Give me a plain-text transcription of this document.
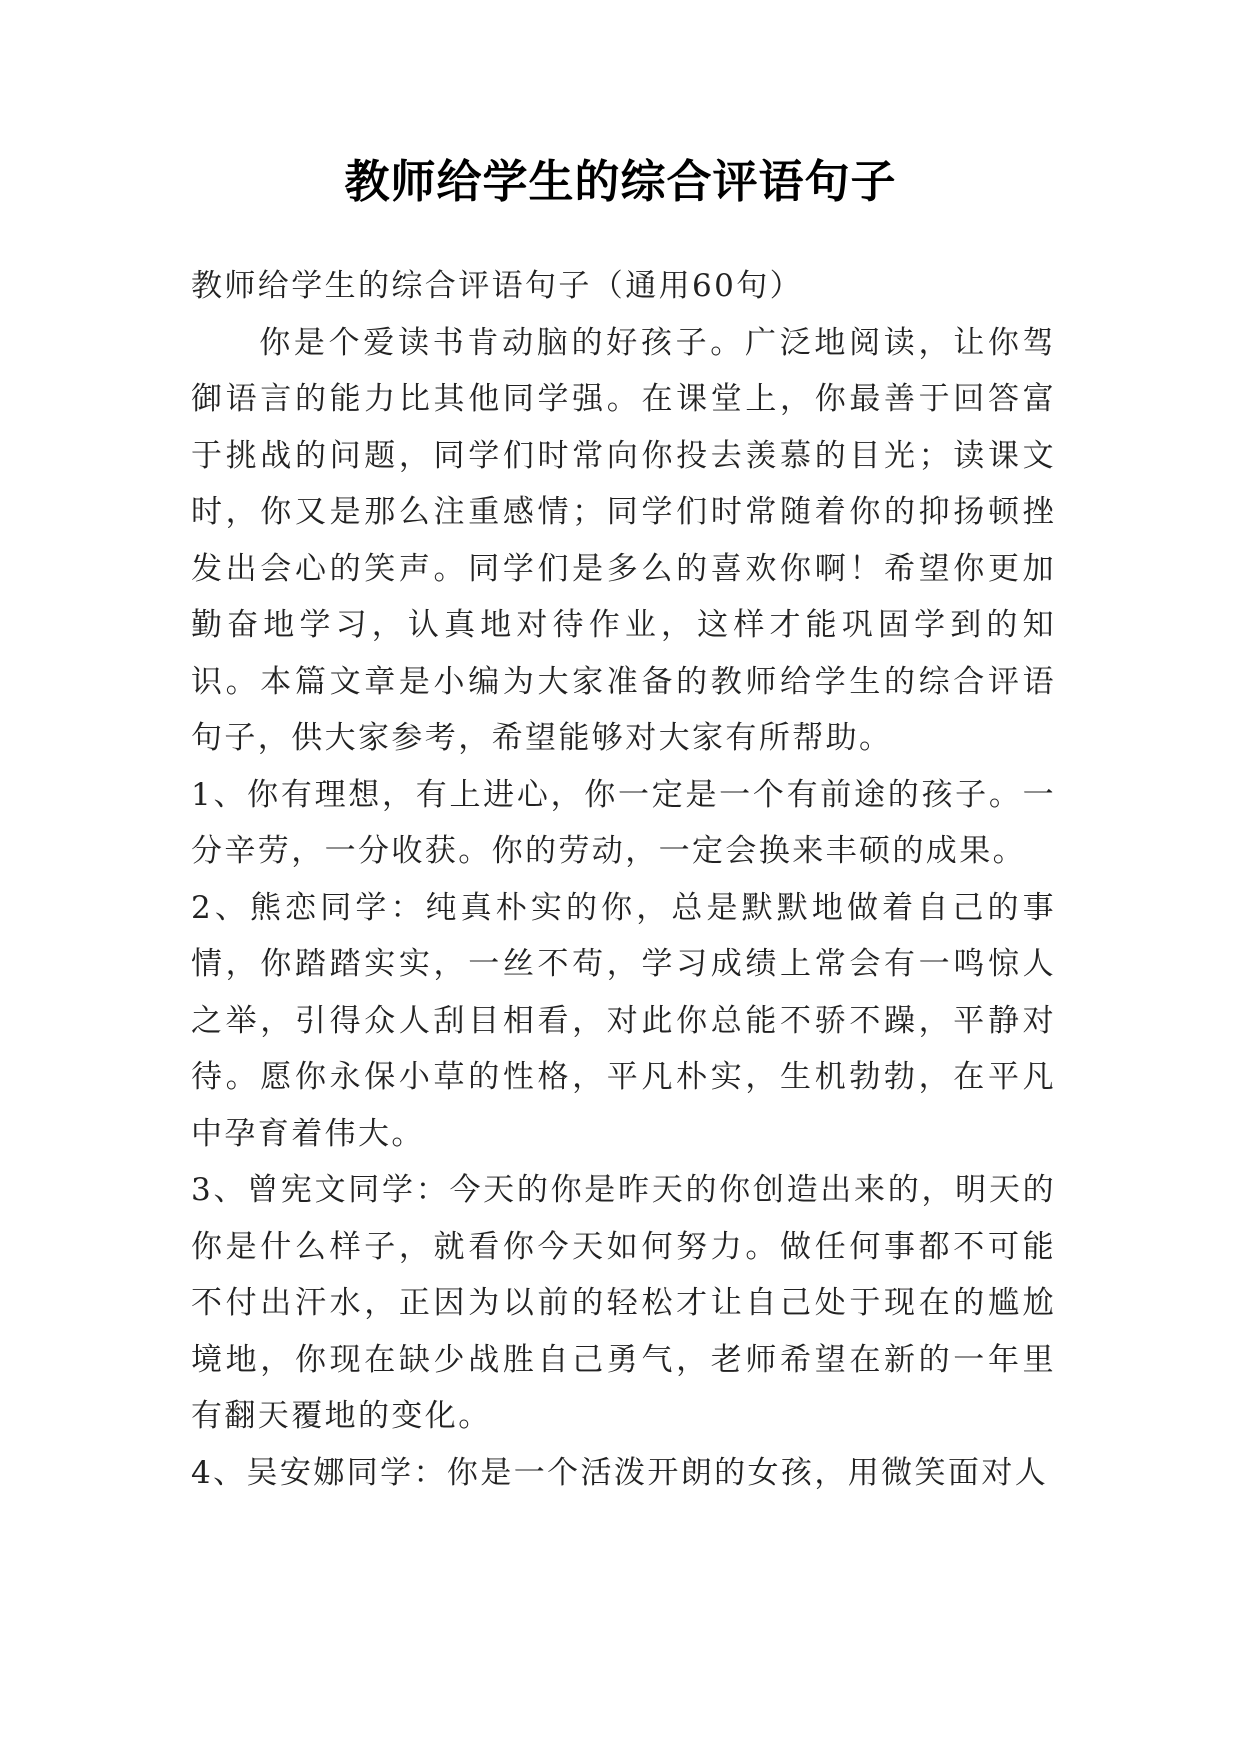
教师给学生的综合评语句子

教师给学生的综合评语句子（通用60句）

你是个爱读书肯动脑的好孩子。广泛地阅读，让你驾御语言的能力比其他同学强。在课堂上，你最善于回答富于挑战的问题，同学们时常向你投去羡慕的目光；读课文时，你又是那么注重感情；同学们时常随着你的抑扬顿挫发出会心的笑声。同学们是多么的喜欢你啊！希望你更加勤奋地学习，认真地对待作业，这样才能巩固学到的知识。本篇文章是小编为大家准备的教师给学生的综合评语句子，供大家参考，希望能够对大家有所帮助。

1、你有理想，有上进心，你一定是一个有前途的孩子。一分辛劳，一分收获。你的劳动，一定会换来丰硕的成果。

2、熊恋同学：纯真朴实的你，总是默默地做着自己的事情，你踏踏实实，一丝不苟，学习成绩上常会有一鸣惊人之举，引得众人刮目相看，对此你总能不骄不躁，平静对待。愿你永保小草的性格，平凡朴实，生机勃勃，在平凡中孕育着伟大。

3、曾宪文同学：今天的你是昨天的你创造出来的，明天的你是什么样子，就看你今天如何努力。做任何事都不可能不付出汗水，正因为以前的轻松才让自己处于现在的尴尬境地，你现在缺少战胜自己勇气，老师希望在新的一年里有翻天覆地的变化。

4、吴安娜同学：你是一个活泼开朗的女孩，用微笑面对人
